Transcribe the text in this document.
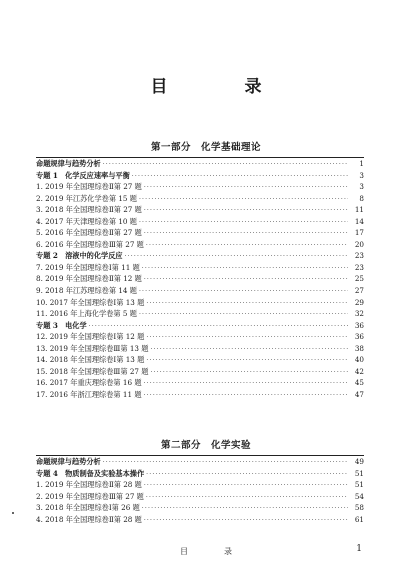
目　录
第一部分　化学基础理论
命题规律与趋势分析 ·····	1
专题 1　化学反应速率与平衡 ·····	3
1. 2019 年全国理综卷Ⅱ第 27 题 ·····	3
2. 2019 年江苏化学卷第 15 题 ·····	8
3. 2018 年全国理综卷Ⅱ第 27 题 ·····	11
4. 2017 年天津理综卷第 10 题 ·····	14
5. 2016 年全国理综卷Ⅱ第 27 题 ·····	17
6. 2016 年全国理综卷Ⅲ第 27 题 ·····	20
专题 2　溶液中的化学反应 ·····	23
7. 2019 年全国理综卷Ⅰ第 11 题 ·····	23
8. 2019 年全国理综卷Ⅱ第 12 题 ·····	25
9. 2018 年江苏理综卷第 14 题 ·····	27
10. 2017 年全国理综卷Ⅰ第 13 题 ·····	29
11. 2016 年上海化学卷第 5 题 ·····	32
专题 3　电化学 ·····	36
12. 2019 年全国理综卷Ⅰ第 12 题 ·····	36
13. 2019 年全国理综卷Ⅲ第 13 题 ·····	38
14. 2018 年全国理综卷Ⅰ第 13 题 ·····	40
15. 2018 年全国理综卷Ⅲ第 27 题 ·····	42
16. 2017 年重庆理综卷第 16 题 ·····	45
17. 2016 年浙江理综卷第 11 题 ·····	47
第二部分　化学实验
命题规律与趋势分析 ·····	49
专题 4　物质制备及实验基本操作 ·····	51
1. 2019 年全国理综卷Ⅱ第 28 题 ·····	51
2. 2019 年全国理综卷Ⅲ第 27 题 ·····	54
3. 2018 年全国理综卷Ⅰ第 26 题 ·····	58
4. 2018 年全国理综卷Ⅱ第 28 题 ·····	61
目　录	1
